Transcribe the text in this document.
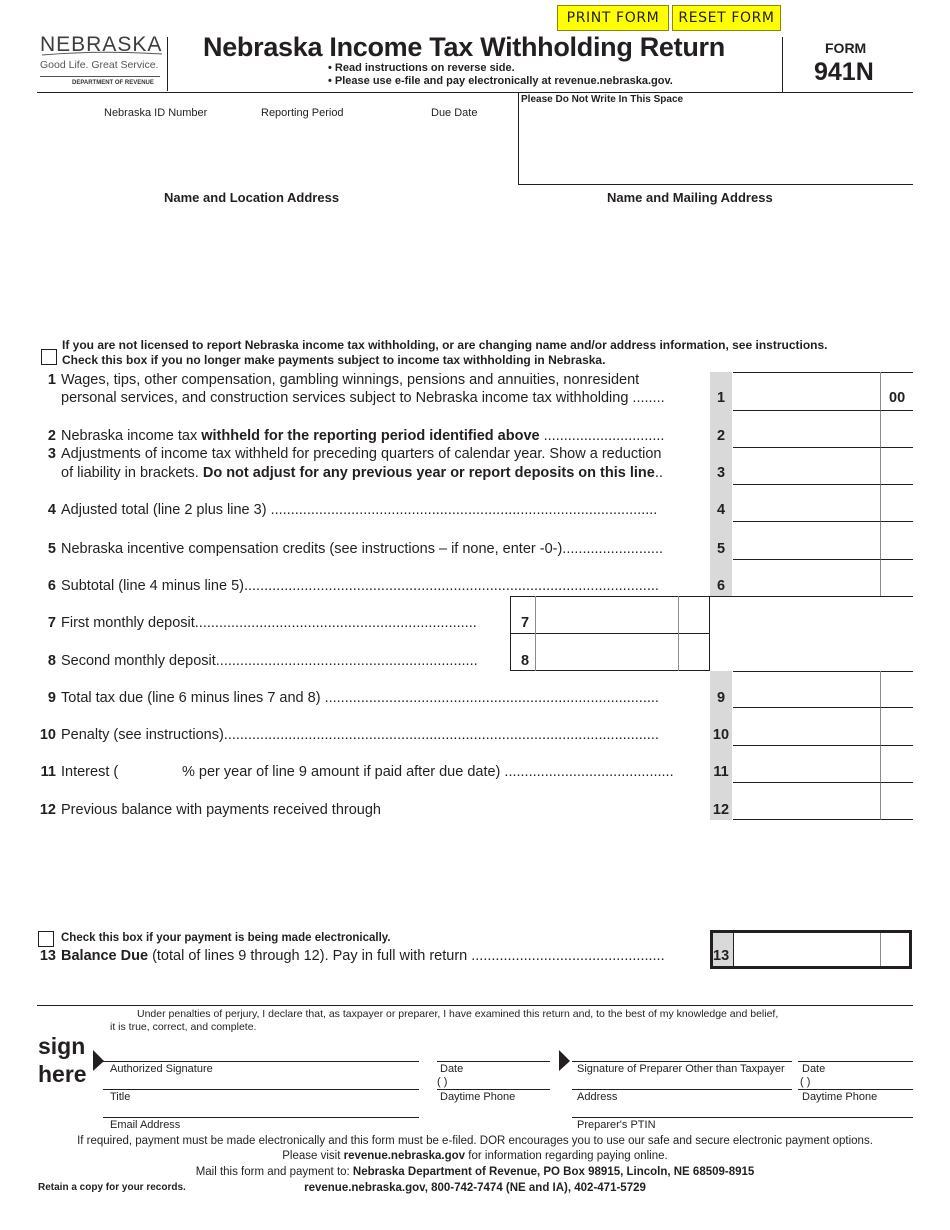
PRINT FORM	RESET FORM
NEBRASKA
Good Life. Great Service.
DEPARTMENT OF REVENUE
Nebraska Income Tax Withholding Return
• Read instructions on reverse side.
• Please use e-file and pay electronically at revenue.nebraska.gov.
FORM
941N
Nebraska ID Number	Reporting Period	Due Date
Please Do Not Write In This Space
Name and Location Address	Name and Mailing Address
If you are not licensed to report Nebraska income tax withholding, or are changing name and/or address information, see instructions.
Check this box if you no longer make payments subject to income tax withholding in Nebraska.
1 Wages, tips, other compensation, gambling winnings, pensions and annuities, nonresident
personal services, and construction services subject to Nebraska income tax withholding ........
2 Nebraska income tax withheld for the reporting period identified above ..............................
3 Adjustments of income tax withheld for preceding quarters of calendar year. Show a reduction
of liability in brackets. Do not adjust for any previous year or report deposits on this line..
4 Adjusted total (line 2 plus line 3) ................................................................................................
5 Nebraska incentive compensation credits (see instructions – if none, enter -0-).........................
6 Subtotal (line 4 minus line 5).......................................................................................................
7 First monthly deposit......................................................................
8 Second monthly deposit.................................................................
9 Total tax due (line 6 minus lines 7 and 8) ...................................................................................
10 Penalty (see instructions)............................................................................................................
11 Interest (	% per year of line 9 amount if paid after due date) ..........................................
12 Previous balance with payments received through
Check this box if your payment is being made electronically.
13 Balance Due (total of lines 9 through 12). Pay in full with return ................................................
1	00
2
3
4
5
6
7
8
9
10
11
12
13
Under penalties of perjury, I declare that, as taxpayer or preparer, I have examined this return and, to the best of my knowledge and belief,
it is true, correct, and complete.
sign
here Authorized Signature	Date
( )
Signature of Preparer Other than Taxpayer Date
( )
Title	Daytime Phone	Address	Daytime Phone
Email Address	Preparer's PTIN
If required, payment must be made electronically and this form must be e-filed. DOR encourages you to use our safe and secure electronic payment options.
Please visit revenue.nebraska.gov for information regarding paying online.
Mail this form and payment to: Nebraska Department of Revenue, PO Box 98915, Lincoln, NE 68509-8915
Retain a copy for your records.	revenue.nebraska.gov, 800-742-7474 (NE and IA), 402-471-5729
